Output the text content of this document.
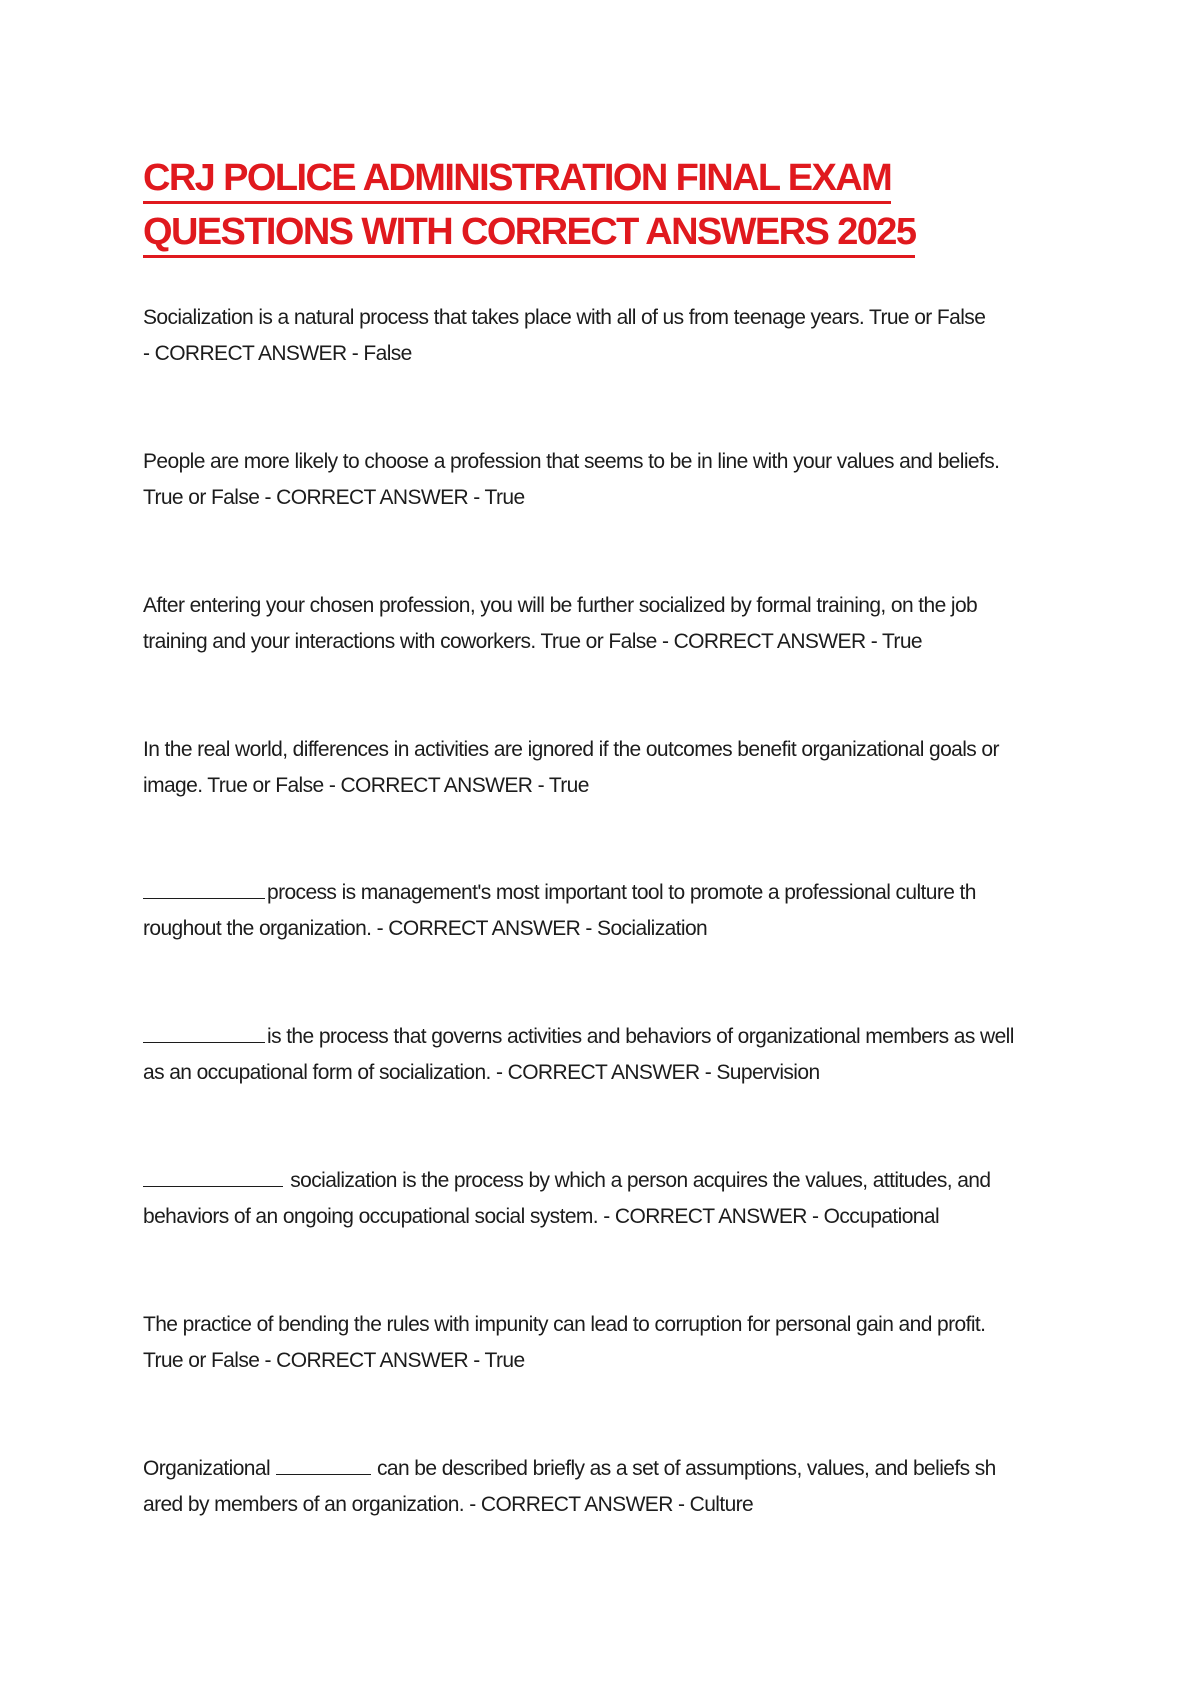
CRJ POLICE ADMINISTRATION FINAL EXAM
QUESTIONS WITH CORRECT ANSWERS 2025
Socialization is a natural process that takes place with all of us from teenage years. True or False
- CORRECT ANSWER - False
People are more likely to choose a profession that seems to be in line with your values and beliefs.
True or False - CORRECT ANSWER - True
After entering your chosen profession, you will be further socialized by formal training, on the job
training and your interactions with coworkers. True or False - CORRECT ANSWER - True
In the real world, differences in activities are ignored if the outcomes benefit organizational goals or
image. True or False - CORRECT ANSWER - True
process is management's most important tool to promote a professional culture th
roughout the organization. - CORRECT ANSWER - Socialization
is the process that governs activities and behaviors of organizational members as well
as an occupational form of socialization. - CORRECT ANSWER - Supervision
socialization is the process by which a person acquires the values, attitudes, and
behaviors of an ongoing occupational social system. - CORRECT ANSWER - Occupational
The practice of bending the rules with impunity can lead to corruption for personal gain and profit.
True or False - CORRECT ANSWER - True
Organizational	can be described briefly as a set of assumptions, values, and beliefs sh
ared by members of an organization. - CORRECT ANSWER - Culture
